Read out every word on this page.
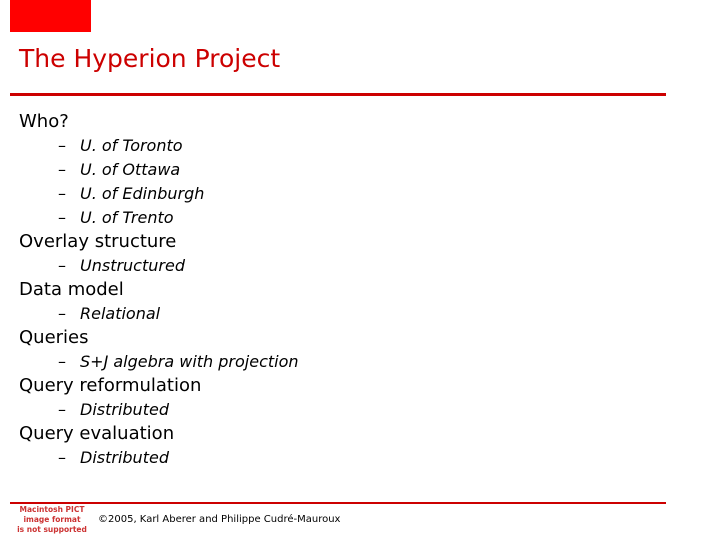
The Hyperion Project
Who?
– U. of Toronto
– U. of Ottawa
– U. of Edinburgh
– U. of Trento
Overlay structure
– Unstructured
Data model
– Relational
Queries
– S+J algebra with projection
Query reformulation
– Distributed
Query evaluation
– Distributed
Macintosh PICT
image format
is not supported
©2005, Karl Aberer and Philippe Cudré-Mauroux
